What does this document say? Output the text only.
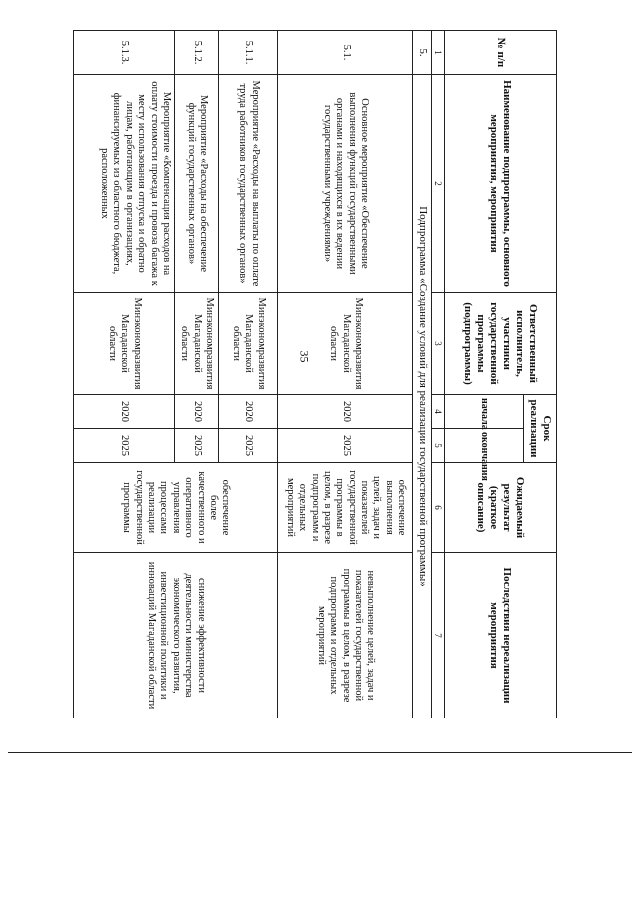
35
№ п/п	Наименование подпрограммы, основного мероприятия, мероприятия	Ответственный исполнитель, участники государственной программы (подпрограммы)	Срок реализации		Ожидаемый результат (краткое описание)	Последствия нереализации мероприятия
			начала	окончания		
1	2	3	4	5	6	7
5.	Подпрограмма «Создание условий для реализации государственной программы»					
5.1.	Основное мероприятие «Обеспечение выполнения функций государственными органами и находящихся в их ведении государственными учреждениями»	Минэкономразвития Магаданской области	2020	2025	обеспечение выполнения целей, задач и показателей государственной программы в целом, в разрезе подпрограмм и отдельных мероприятий	невыполнение целей, задач и показателей государственной программы в целом, в разрезе подпрограмм и отдельных мероприятий
5.1.1.	Мероприятие «Расходы на выплаты по оплате труда работников государственных органов»	Минэкономразвития Магаданской области	2020	2025	обеспечение более качественного и оперативного управления процессами реализации государственной программы	снижение эффективности деятельности министерства экономического развития, инвестиционной политики и инноваций Магаданской области
5.1.2.	Мероприятие «Расходы на обеспечение функций государственных органов»	Минэкономразвития Магаданской области	2020	2025		
5.1.3.	Мероприятие «Компенсация расходов на оплату стоимости проезда и провоза багажа к месту использования отпуска и обратно лицам, работающим в организациях, финансируемых из областного бюджета, расположенных	Минэкономразвития Магаданской области	2020	2025		
